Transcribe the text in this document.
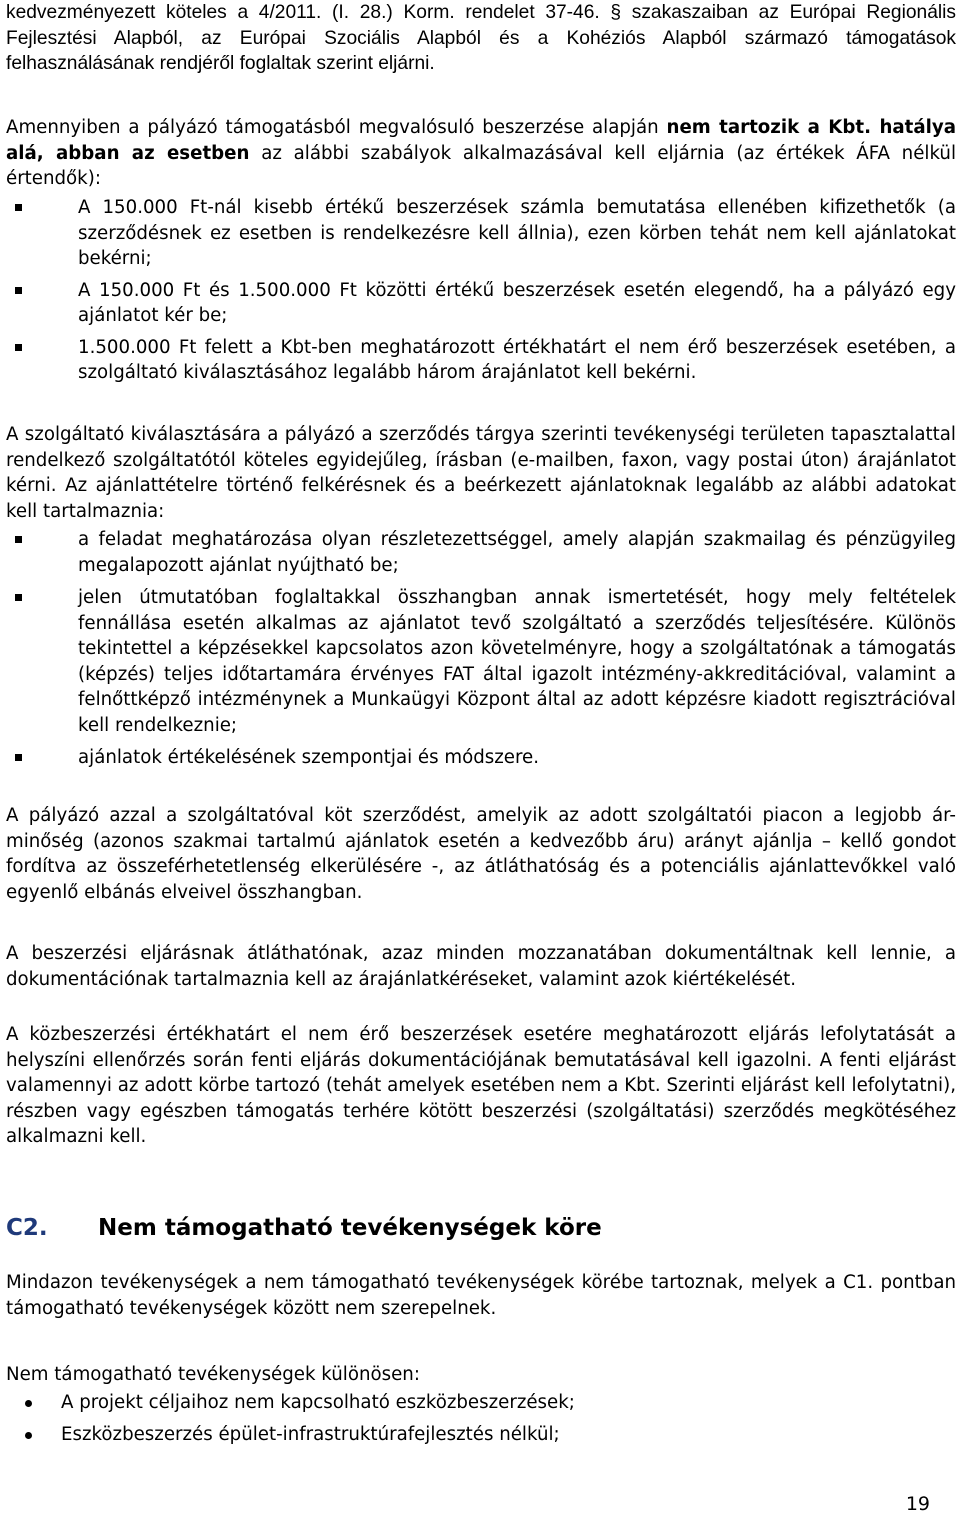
kedvezményezett köteles a 4/2011. (I. 28.) Korm. rendelet 37-46. § szakaszaiban az Európai Regionális Fejlesztési Alapból, az Európai Szociális Alapból és a Kohéziós Alapból származó támogatások felhasználásának rendjéről foglaltak szerint eljárni.

Amennyiben a pályázó támogatásból megvalósuló beszerzése alapján nem tartozik a Kbt. hatálya alá, abban az esetben az alábbi szabályok alkalmazásával kell eljárnia (az értékek ÁFA nélkül értendők):

A 150.000 Ft-nál kisebb értékű beszerzések számla bemutatása ellenében kifizethetők (a szerződésnek ez esetben is rendelkezésre kell állnia), ezen körben tehát nem kell ajánlatokat bekérni;
A 150.000 Ft és 1.500.000 Ft közötti értékű beszerzések esetén elegendő, ha a pályázó egy ajánlatot kér be;
1.500.000 Ft felett a Kbt-ben meghatározott értékhatárt el nem érő beszerzések esetében, a szolgáltató kiválasztásához legalább három árajánlatot kell bekérni.

A szolgáltató kiválasztására a pályázó a szerződés tárgya szerinti tevékenységi területen tapasztalattal rendelkező szolgáltatótól köteles egyidejűleg, írásban (e-mailben, faxon, vagy postai úton) árajánlatot kérni. Az ajánlattételre történő felkérésnek és a beérkezett ajánlatoknak legalább az alábbi adatokat kell tartalmaznia:

a feladat meghatározása olyan részletezettséggel, amely alapján szakmailag és pénzügyileg megalapozott ajánlat nyújtható be;
jelen útmutatóban foglaltakkal összhangban annak ismertetését, hogy mely feltételek fennállása esetén alkalmas az ajánlatot tevő szolgáltató a szerződés teljesítésére. Különös tekintettel a képzésekkel kapcsolatos azon követelményre, hogy a szolgáltatónak a támogatás (képzés) teljes időtartamára érvényes FAT által igazolt intézmény-akkreditációval, valamint a felnőttképző intézménynek a Munkaügyi Központ által az adott képzésre kiadott regisztrációval kell rendelkeznie;
ajánlatok értékelésének szempontjai és módszere.

A pályázó azzal a szolgáltatóval köt szerződést, amelyik az adott szolgáltatói piacon a legjobb ár-minőség (azonos szakmai tartalmú ajánlatok esetén a kedvezőbb áru) arányt ajánlja – kellő gondot fordítva az összeférhetetlenség elkerülésére -, az átláthatóság és a potenciális ajánlattevőkkel való egyenlő elbánás elveivel összhangban.

A beszerzési eljárásnak átláthatónak, azaz minden mozzanatában dokumentáltnak kell lennie, a dokumentációnak tartalmaznia kell az árajánlatkéréseket, valamint azok kiértékelését.

A közbeszerzési értékhatárt el nem érő beszerzések esetére meghatározott eljárás lefolytatását a helyszíni ellenőrzés során fenti eljárás dokumentációjának bemutatásával kell igazolni. A fenti eljárást valamennyi az adott körbe tartozó (tehát amelyek esetében nem a Kbt. Szerinti eljárást kell lefolytatni), részben vagy egészben támogatás terhére kötött beszerzési (szolgáltatási) szerződés megkötéséhez alkalmazni kell.

C2. Nem támogatható tevékenységek köre

Mindazon tevékenységek a nem támogatható tevékenységek körébe tartoznak, melyek a C1. pontban támogatható tevékenységek között nem szerepelnek.

Nem támogatható tevékenységek különösen:

A projekt céljaihoz nem kapcsolható eszközbeszerzések;
Eszközbeszerzés épület-infrastruktúrafejlesztés nélkül;
19
